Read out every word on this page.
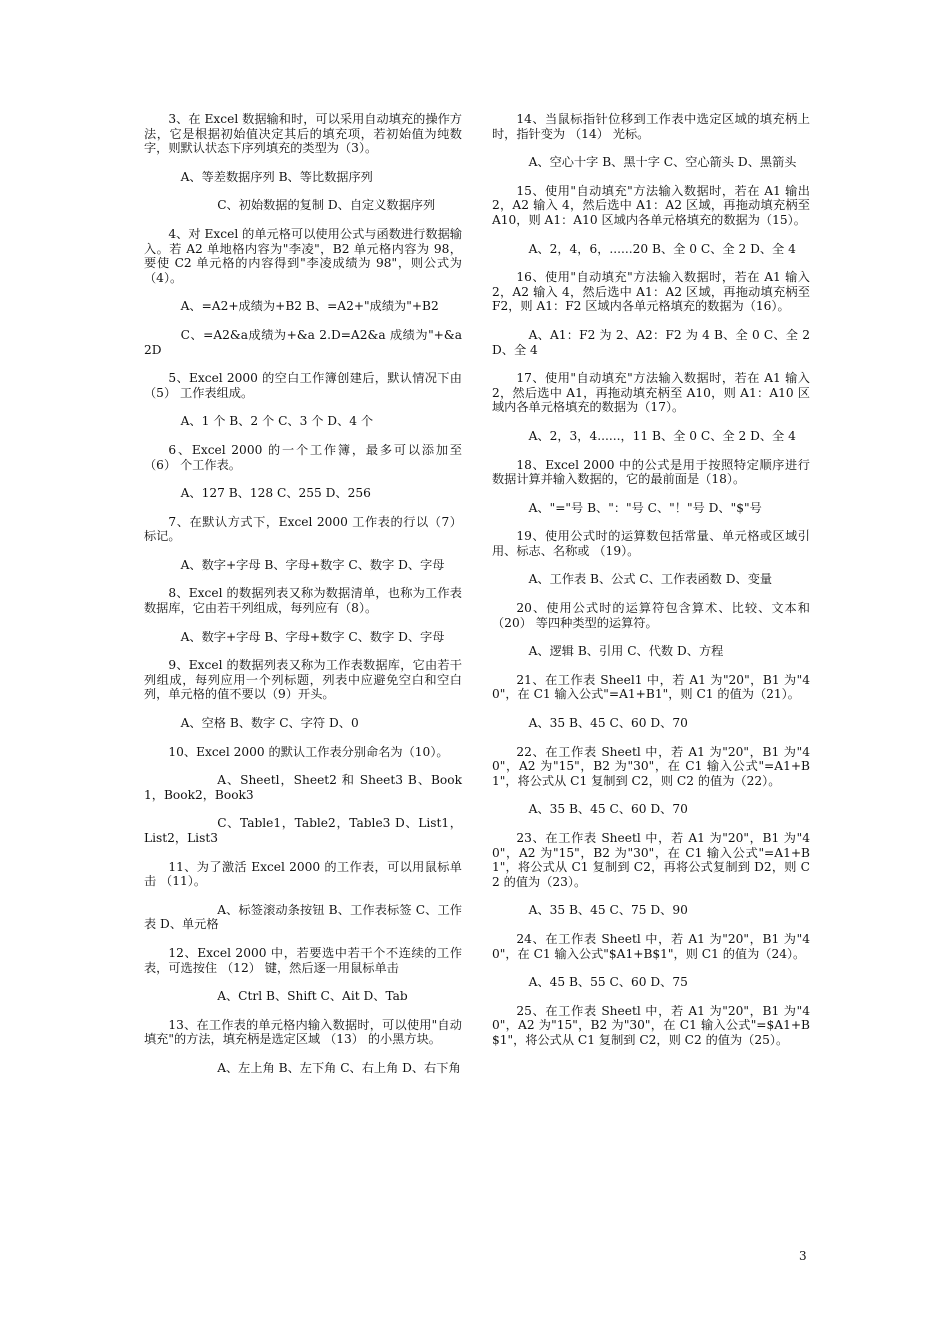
3、在 Excel 数据输和时，可以采用自动填充的操作方法，它是根据初始值决定其后的填充项，若初始值为纯数字，则默认状态下序列填充的类型为（3）。

A、等差数据序列 B、等比数据序列

C、初始数据的复制 D、自定义数据序列

4、对 Excel 的单元格可以使用公式与函数进行数据输入。若 A2 单地格内容为"李凌"，B2 单元格内容为 98，要使 C2 单元格的内容得到"李凌成绩为 98"，则公式为（4）。

A、=A2+成绩为+B2 B、=A2+"成绩为"+B2

C、=A2&a成绩为+&a 2.D=A2&a 成绩为"+&a 2D

5、Excel 2000 的空白工作簿创建后，默认情况下由 （5） 工作表组成。

A、1 个 B、2 个 C、3 个 D、4 个

6、Excel 2000 的一个工作簿，最多可以添加至 （6） 个工作表。

A、127 B、128 C、255 D、256

7、在默认方式下，Excel 2000 工作表的行以（7） 标记。

A、数字+字母 B、字母+数字 C、数字 D、字母

8、Excel 的数据列表又称为数据清单，也称为工作表数据库，它由若干列组成，每列应有（8）。

A、数字+字母 B、字母+数字 C、数字 D、字母

9、Excel 的数据列表又称为工作表数据库，它由若干列组成，每列应用一个列标题，列表中应避免空白和空白列，单元格的值不要以（9）开头。

A、空格 B、数字 C、字符 D、0

10、Excel 2000 的默认工作表分别命名为（10）。

A、Sheetl，Sheet2 和 Sheet3 B、Book1，Book2，Book3

C、Table1，Table2，Table3 D、List1，List2，List3

11、为了激活 Excel 2000 的工作表，可以用鼠标单击 （11）。

A、标签滚动条按钮 B、工作表标签 C、工作表 D、单元格

12、Excel 2000 中，若要选中若干个不连续的工作表，可选按住 （12） 键，然后逐一用鼠标单击

A、Ctrl B、Shift C、Ait D、Tab

13、在工作表的单元格内输入数据时，可以使用"自动填充"的方法，填充柄是选定区域 （13） 的小黑方块。

A、左上角 B、左下角 C、右上角 D、右下角

14、当鼠标指针位移到工作表中选定区域的填充柄上时，指针变为 （14） 光标。

A、空心十字 B、黑十字 C、空心箭头 D、黑箭头

15、使用"自动填充"方法输入数据时，若在 A1 输出 2，A2 输入 4，然后选中 A1：A2 区域，再拖动填充柄至 A10，则 A1：A10 区域内各单元格填充的数据为（15）。

A、2，4，6，......20 B、全 0 C、全 2 D、全 4

16、使用"自动填充"方法输入数据时，若在 A1 输入 2，A2 输入 4，然后选中 A1：A2 区域，再拖动填充柄至 F2，则 A1：F2 区域内各单元格填充的数据为（16）。

A、A1：F2 为 2、A2：F2 为 4 B、全 0 C、全 2 D、全 4

17、使用"自动填充"方法输入数据时，若在 A1 输入 2，然后选中 A1，再拖动填充柄至 A10，则 A1：A10 区域内各单元格填充的数据为（17）。

A、2，3，4......，11 B、全 0 C、全 2 D、全 4

18、Excel 2000 中的公式是用于按照特定顺序进行数据计算并输入数据的，它的最前面是（18）。

A、"="号 B、"："号 C、"！"号 D、"$"号

19、使用公式时的运算数包括常量、单元格或区域引用、标志、名称或 （19）。

A、工作表 B、公式 C、工作表函数 D、变量

20、使用公式时的运算符包含算术、比较、文本和 （20） 等四种类型的运算符。

A、逻辑 B、引用 C、代数 D、方程

21、在工作表 Sheel1 中，若 A1 为"20"，B1 为"40"，在 C1 输入公式"=A1+B1"，则 C1 的值为（21）。

A、35 B、45 C、60 D、70

22、在工作表 Sheetl 中，若 A1 为"20"，B1 为"40"，A2 为"15"，B2 为"30"，在 C1 输入公式"=A1+B1"，将公式从 C1 复制到 C2，则 C2 的值为（22）。

A、35 B、45 C、60 D、70

23、在工作表 Sheetl 中，若 A1 为"20"，B1 为"40"，A2 为"15"，B2 为"30"，在 C1 输入公式"=A1+B1"，将公式从 C1 复制到 C2，再将公式复制到 D2，则 C2 的值为（23）。

A、35 B、45 C、75 D、90

24、在工作表 Sheetl 中，若 A1 为"20"，B1 为"40"，在 C1 输入公式"$A1+B$1"，则 C1 的值为（24）。

A、45 B、55 C、60 D、75

25、在工作表 Sheetl 中，若 A1 为"20"，B1 为"40"，A2 为"15"，B2 为"30"，在 C1 输入公式"=$A1+B$1"，将公式从 C1 复制到 C2，则 C2 的值为（25）。

3
